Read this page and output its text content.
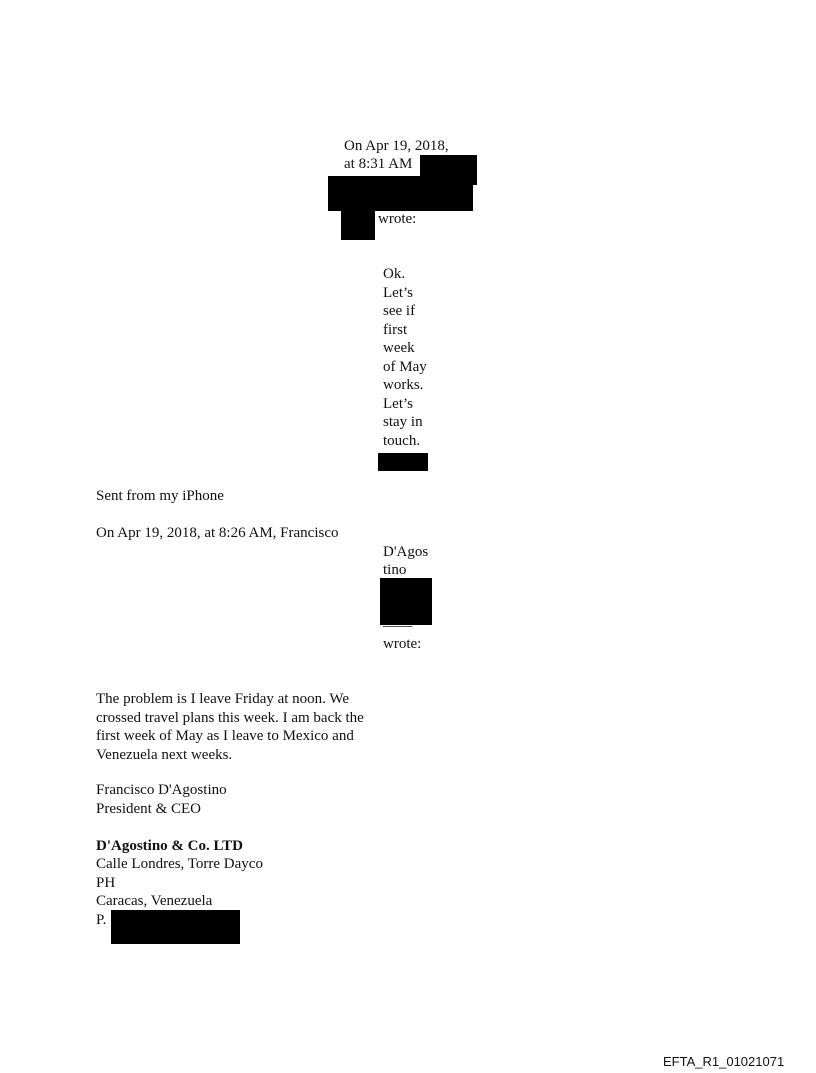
On Apr 19, 2018,
at 8:31 AM
wrote:
Ok.
Let’s
see if
first
week
of May
works.
Let’s
stay in
touch.
Sent from my iPhone
On Apr 19, 2018, at 8:26 AM, Francisco
D'Agos
tino
wrote:
The problem is I leave Friday at noon. We
crossed travel plans this week. I am back the
first week of May as I leave to Mexico and
Venezuela next weeks.
Francisco D'Agostino
President & CEO
D'Agostino & Co. LTD
Calle Londres, Torre Dayco
PH
Caracas, Venezuela
P.
EFTA_R1_01021071
